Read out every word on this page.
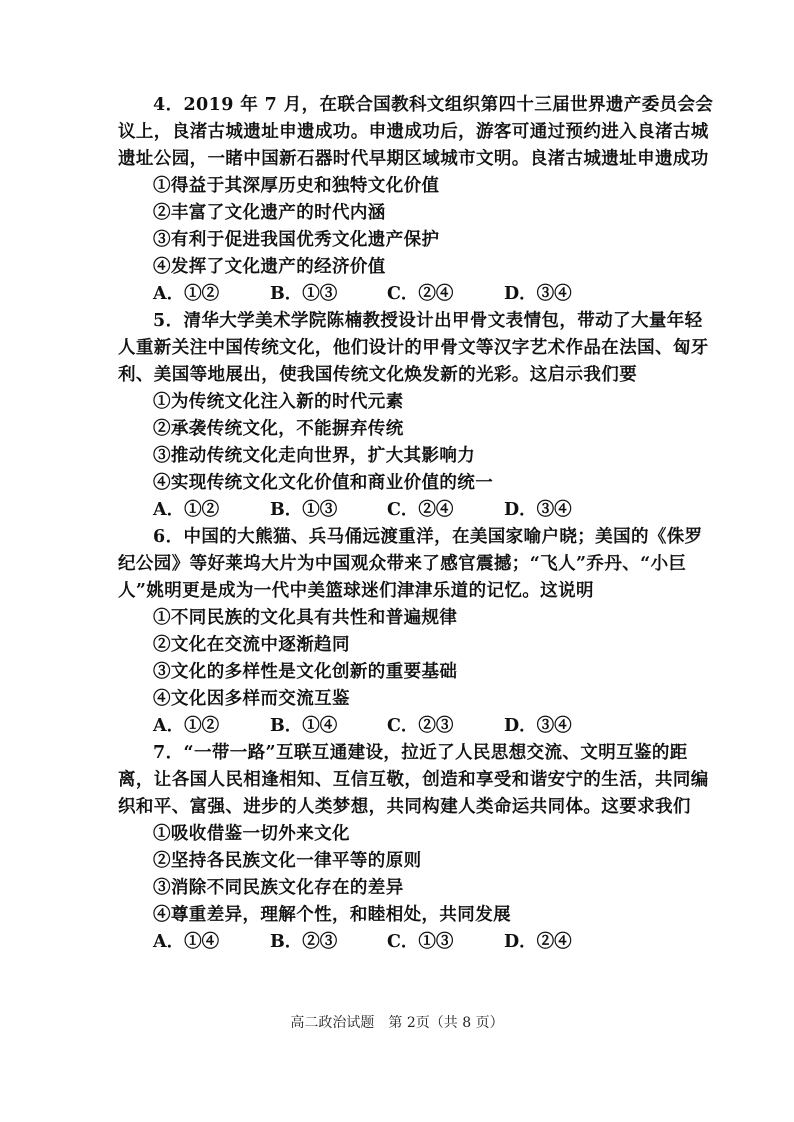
4．2019 年 7 月，在联合国教科文组织第四十三届世界遗产委员会会议上，良渚古城遗址申遗成功。申遗成功后，游客可通过预约进入良渚古城遗址公园，一睹中国新石器时代早期区域城市文明。良渚古城遗址申遗成功

①得益于其深厚历史和独特文化价值

②丰富了文化遗产的时代内涵

③有利于促进我国优秀文化遗产保护

④发挥了文化遗产的经济价值

A．①②	B．①③	C．②④	D．③④

5．清华大学美术学院陈楠教授设计出甲骨文表情包，带动了大量年轻人重新关注中国传统文化，他们设计的甲骨文等汉字艺术作品在法国、匈牙利、美国等地展出，使我国传统文化焕发新的光彩。这启示我们要

①为传统文化注入新的时代元素

②承袭传统文化，不能摒弃传统

③推动传统文化走向世界，扩大其影响力

④实现传统文化文化价值和商业价值的统一

A．①②	B．①③	C．②④	D．③④

6．中国的大熊猫、兵马俑远渡重洋，在美国家喻户晓；美国的《侏罗纪公园》等好莱坞大片为中国观众带来了感官震撼；“飞人”乔丹、“小巨人”姚明更是成为一代中美篮球迷们津津乐道的记忆。这说明

①不同民族的文化具有共性和普遍规律

②文化在交流中逐渐趋同

③文化的多样性是文化创新的重要基础

④文化因多样而交流互鉴

A．①②	B．①④	C．②③	D．③④

7．“一带一路”互联互通建设，拉近了人民思想交流、文明互鉴的距离，让各国人民相逢相知、互信互敬，创造和享受和谐安宁的生活，共同编织和平、富强、进步的人类梦想，共同构建人类命运共同体。这要求我们

①吸收借鉴一切外来文化

②坚持各民族文化一律平等的原则

③消除不同民族文化存在的差异

④尊重差异，理解个性，和睦相处，共同发展

A．①④	B．②③	C．①③	D．②④
高二政治试题　第 2页（共 8 页）
